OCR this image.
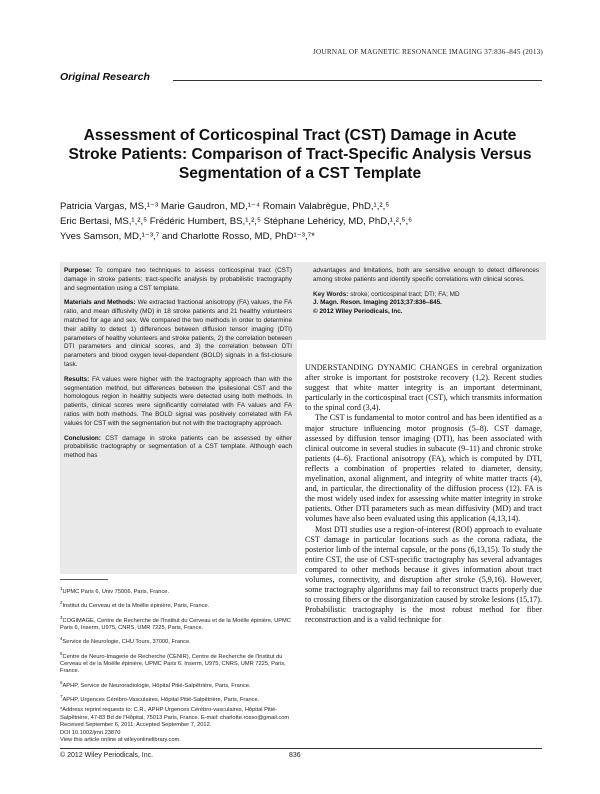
JOURNAL OF MAGNETIC RESONANCE IMAGING 37:836–845 (2013)
Original Research
Assessment of Corticospinal Tract (CST) Damage in Acute Stroke Patients: Comparison of Tract-Specific Analysis Versus Segmentation of a CST Template

Patricia Vargas, MS,¹⁻³ Marie Gaudron, MD,¹⁻⁴ Romain Valabrègue, PhD,¹,²,⁵

Eric Bertasi, MS,¹,²,⁵ Frédéric Humbert, BS,¹,²,⁵ Stéphane Lehéricy, MD, PhD,¹,²,⁵,⁶

Yves Samson, MD,¹⁻³,⁷ and Charlotte Rosso, MD, PhD¹⁻³,⁷*

Purpose: To compare two techniques to assess corticospinal tract (CST) damage in stroke patients: tract-specific analysis by probabilistic tractography and segmentation using a CST template.

Materials and Methods: We extracted fractional anisotropy (FA) values, the FA ratio, and mean diffusivity (MD) in 18 stroke patients and 21 healthy volunteers matched for age and sex. We compared the two methods in order to determine their ability to detect 1) differences between diffusion tensor imaging (DTI) parameters of healthy volunteers and stroke patients, 2) the correlation between DTI parameters and clinical scores, and 3) the correlation between DTI parameters and blood oxygen level-dependent (BOLD) signals in a fist-closure task.

Results: FA values were higher with the tractography approach than with the segmentation method, but differences between the ipsilesional CST and the homologous region in healthy subjects were detected using both methods. In patients, clinical scores were significantly correlated with FA values and FA ratios with both methods. The BOLD signal was positively correlated with FA values for CST with the segmentation but not with the tractography approach.

Conclusion: CST damage in stroke patients can be assessed by either probabilistic tractography or segmentation of a CST template. Although each method has

advantages and limitations, both are sensitive enough to detect differences among stroke patients and identify specific correlations with clinical scores.

Key Words: stroke; corticospinal tract; DTI; FA; MD

J. Magn. Reson. Imaging 2013;37:836–845.

© 2012 Wiley Periodicals, Inc.

$^1$UPMC Paris 6, Univ 75006, Paris, France.

$^2$Institut du Cerveau et de la Moëlle épinière, Paris, France.

$^3$COGIMAGE, Centre de Recherche de l'Institut du Cerveau et de la Moëlle épinière, UPMC Paris 6, Inserm, U975, CNRS, UMR 7225, Paris, France.

$^4$Service de Neurologie, CHU Tours, 37000, France.

$^5$Centre de Neuro-Imagerie de Recherche (CENIR), Centre de Recherche de l'Institut du Cerveau et de la Moëlle épinière, UPMC Paris 6, Inserm, U975, CNRS, UMR 7225, Paris, France.

$^6$APHP, Service de Neuroradiologie, Hôpital Pitié-Salpêtrière, Paris, France.

$^7$APHP, Urgences Cérébro-Vasculaires, Hôpital Pitié-Salpêtrière, Paris, France.

*Address reprint requests to: C.R., APHP Urgences Cérébro-vasculaires, Hôpital Pitié-Salpêtrière, 47-83 Bd de l'Hôpital, 75013 Paris, France. E-mail: charlotte.rosso@gmail.com

Received September 6, 2011; Accepted September 7, 2012.

DOI 10.1002/jmri.23870

View this article online at wileyonlinelibrary.com.

UNDERSTANDING DYNAMIC CHANGES in cerebral organization after stroke is important for poststroke recovery (1,2). Recent studies suggest that white matter integrity is an important determinant, particularly in the corticospinal tract (CST), which transmits information to the spinal cord (3,4).

The CST is fundamental to motor control and has been identified as a major structure influencing motor prognosis (5–8). CST damage, assessed by diffusion tensor imaging (DTI), has been associated with clinical outcome in several studies in subacute (9–11) and chronic stroke patients (4–6). Fractional anisotropy (FA), which is computed by DTI, reflects a combination of properties related to diameter, density, myelination, axonal alignment, and integrity of white matter tracts (4), and, in particular, the directionality of the diffusion process (12). FA is the most widely used index for assessing white matter integrity in stroke patients. Other DTI parameters such as mean diffusivity (MD) and tract volumes have also been evaluated using this application (4,13,14).

Most DTI studies use a region-of-interest (ROI) approach to evaluate CST damage in particular locations such as the corona radiata, the posterior limb of the internal capsule, or the pons (6,13,15). To study the entire CST, the use of CST-specific tractography has several advantages compared to other methods because it gives information about tract volumes, connectivity, and disruption after stroke (5,9,16). However, some tractography algorithms may fail to reconstruct tracts properly due to crossing fibers or the disorganization caused by stroke lesions (15,17). Probabilistic tractography is the most robust method for fiber reconstruction and is a valid technique for

© 2012 Wiley Periodicals, Inc.	836
